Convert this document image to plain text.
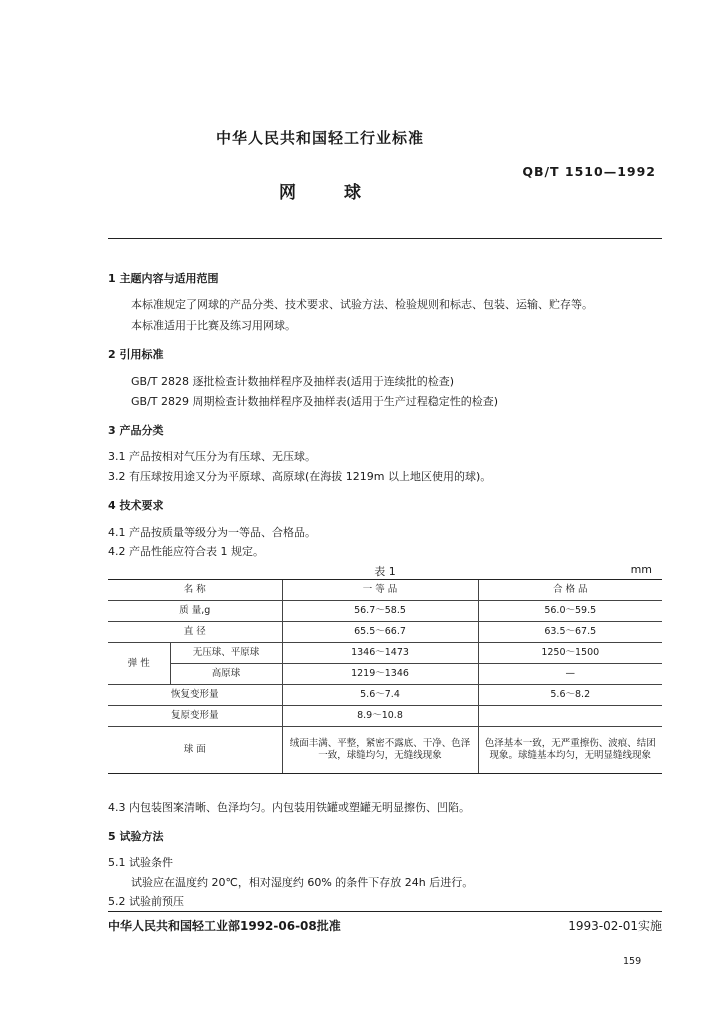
中华人民共和国轻工行业标准
QB/T 1510—1992
网 球
1 主题内容与适用范围
本标准规定了网球的产品分类、技术要求、试验方法、检验规则和标志、包装、运输、贮存等。
本标准适用于比赛及练习用网球。
2 引用标准
GB/T 2828 逐批检查计数抽样程序及抽样表(适用于连续批的检查)
GB/T 2829 周期检查计数抽样程序及抽样表(适用于生产过程稳定性的检查)
3 产品分类
3.1 产品按相对气压分为有压球、无压球。
3.2 有压球按用途又分为平原球、高原球(在海拔 1219m 以上地区使用的球)。
4 技术要求
4.1 产品按质量等级分为一等品、合格品。
4.2 产品性能应符合表 1 规定。
表 1	mm
名 称		一 等 品	合 格 品
质 量,g		56.7～58.5	56.0～59.5
直 径		65.5～66.7	63.5～67.5
弹 性	无压球、平原球	1346～1473	1250～1500
	高原球	1219～1346	—
恢复变形量		5.6～7.4	5.6～8.2
复原变形量		8.9～10.8	
球 面		绒面丰满、平整，紧密不露底、干净、色泽一致，球缝均匀，无缝线现象	色泽基本一致，无严重擦伤、波痕、结团现象。球缝基本均匀，无明显缝线现象
4.3 内包装图案清晰、色泽均匀。内包装用铁罐或塑罐无明显擦伤、凹陷。
5 试验方法
5.1 试验条件
试验应在温度约 20℃，相对湿度约 60% 的条件下存放 24h 后进行。
5.2 试验前预压
中华人民共和国轻工业部1992-06-08批准	1993-02-01实施
159
